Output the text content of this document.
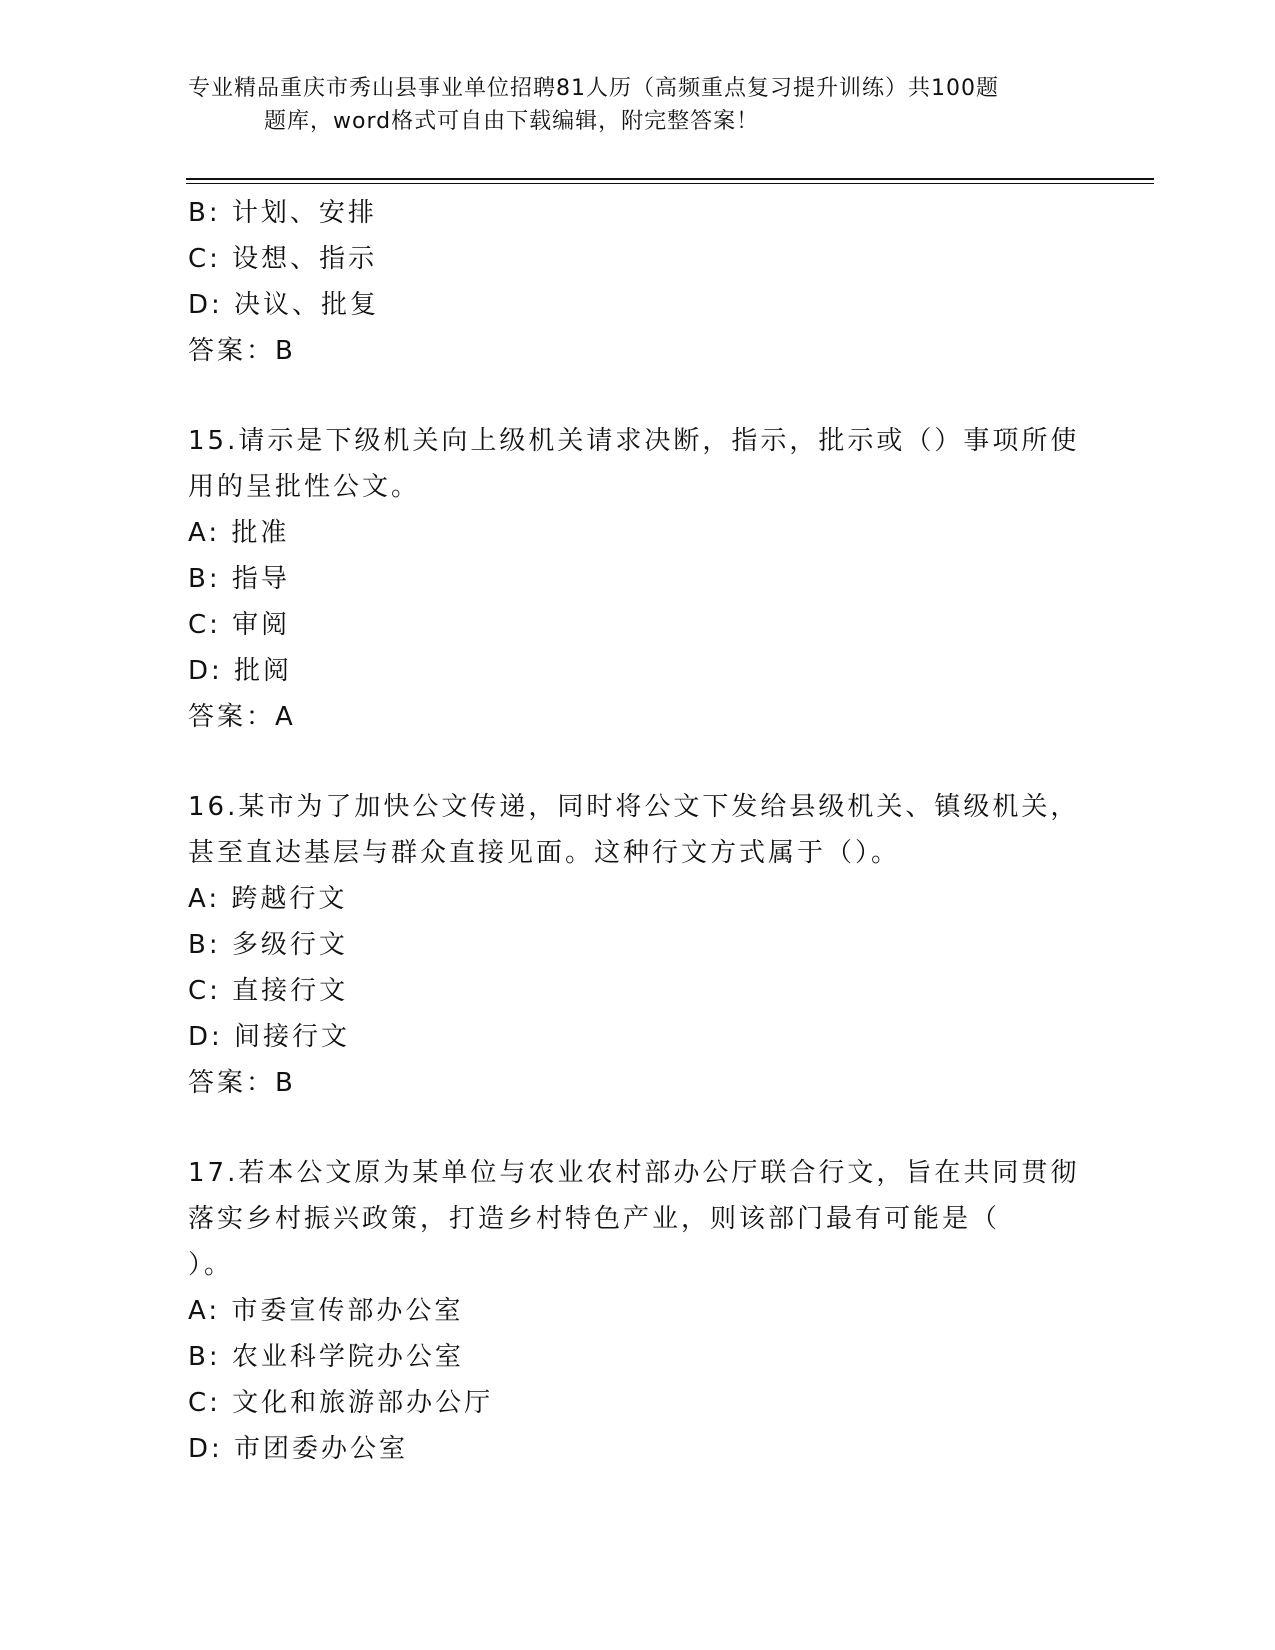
专业精品重庆市秀山县事业单位招聘81人历（高频重点复习提升训练）共100题
题库，word格式可自由下载编辑，附完整答案！
B: 计划、安排
C: 设想、指示
D: 决议、批复
答案：B
15.请示是下级机关向上级机关请求决断，指示，批示或（）事项所使
用的呈批性公文。
A: 批准
B: 指导
C: 审阅
D: 批阅
答案：A
16.某市为了加快公文传递，同时将公文下发给县级机关、镇级机关，
甚至直达基层与群众直接见面。这种行文方式属于（）。
A: 跨越行文
B: 多级行文
C: 直接行文
D: 间接行文
答案：B
17.若本公文原为某单位与农业农村部办公厅联合行文，旨在共同贯彻
落实乡村振兴政策，打造乡村特色产业，则该部门最有可能是（
）。
A: 市委宣传部办公室
B: 农业科学院办公室
C: 文化和旅游部办公厅
D: 市团委办公室
